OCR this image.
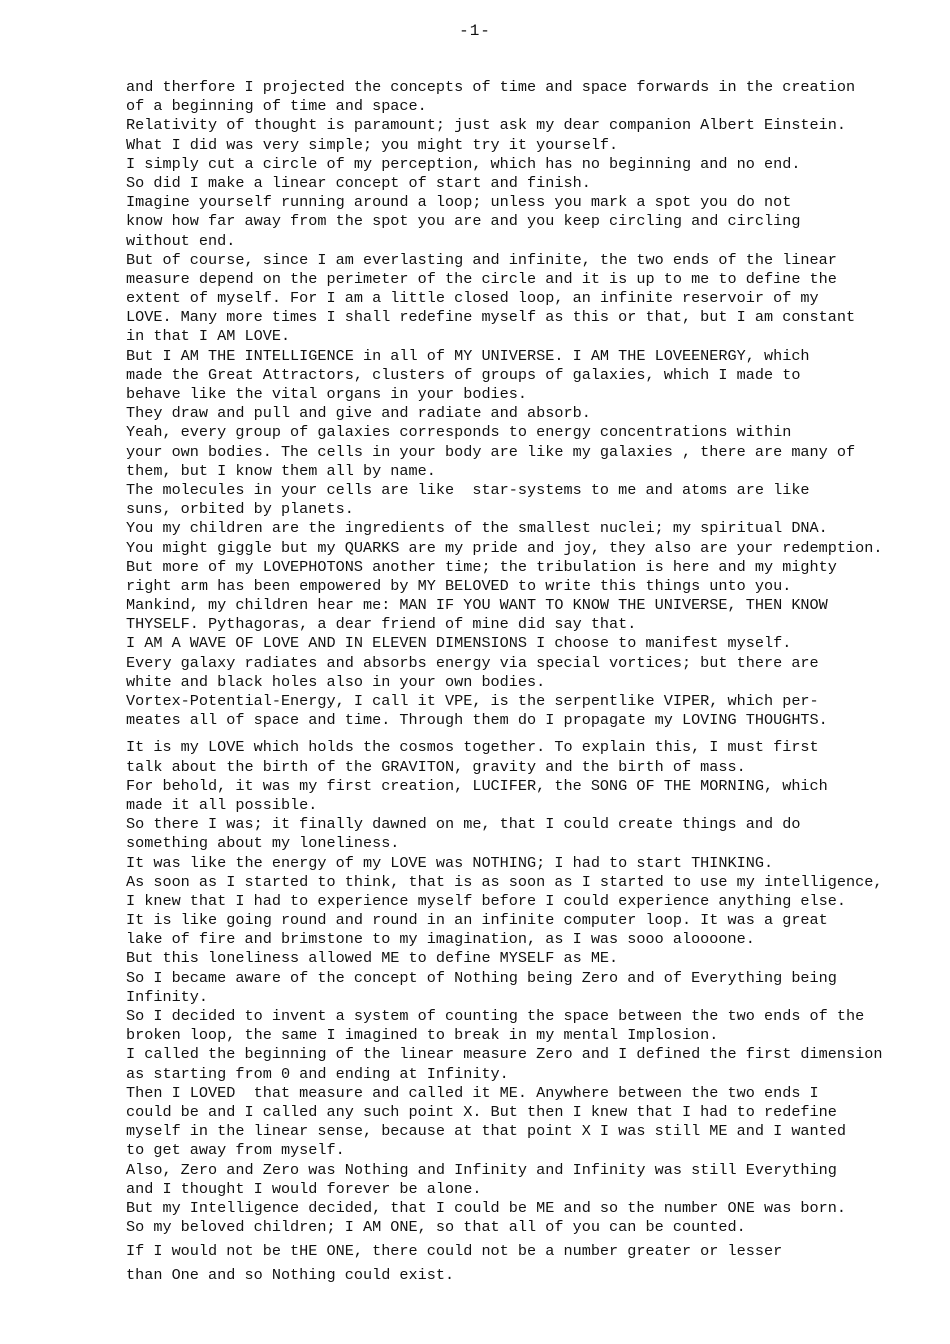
-1-
and therfore I projected the concepts of time and space forwards in the creation
of a beginning of time and space.
Relativity of thought is paramount; just ask my dear companion Albert Einstein.
What I did was very simple; you might try it yourself.
I simply cut a circle of my perception, which has no beginning and no end.
So did I make a linear concept of start and finish.
Imagine yourself running around a loop; unless you mark a spot you do not
know how far away from the spot you are and you keep circling and circling
without end.
But of course, since I am everlasting and infinite, the two ends of the linear
measure depend on the perimeter of the circle and it is up to me to define the
extent of myself. For I am a little closed loop, an infinite reservoir of my
LOVE. Many more times I shall redefine myself as this or that, but I am constant
in that I AM LOVE.
But I AM THE INTELLIGENCE in all of MY UNIVERSE. I AM THE LOVEENERGY, which
made the Great Attractors, clusters of groups of galaxies, which I made to
behave like the vital organs in your bodies.
They draw and pull and give and radiate and absorb.
Yeah, every group of galaxies corresponds to energy concentrations within
your own bodies. The cells in your body are like my galaxies , there are many of
them, but I know them all by name.
The molecules in your cells are like  star-systems to me and atoms are like
suns, orbited by planets.
You my children are the ingredients of the smallest nuclei; my spiritual DNA.
You might giggle but my QUARKS are my pride and joy, they also are your redemption.
But more of my LOVEPHOTONS another time; the tribulation is here and my mighty
right arm has been empowered by MY BELOVED to write this things unto you.
Mankind, my children hear me: MAN IF YOU WANT TO KNOW THE UNIVERSE, THEN KNOW
THYSELF. Pythagoras, a dear friend of mine did say that.
I AM A WAVE OF LOVE AND IN ELEVEN DIMENSIONS I choose to manifest myself.
Every galaxy radiates and absorbs energy via special vortices; but there are
white and black holes also in your own bodies.
Vortex-Potential-Energy, I call it VPE, is the serpentlike VIPER, which per-
meates all of space and time. Through them do I propagate my LOVING THOUGHTS.
It is my LOVE which holds the cosmos together. To explain this, I must first
talk about the birth of the GRAVITON, gravity and the birth of mass.
For behold, it was my first creation, LUCIFER, the SONG OF THE MORNING, which
made it all possible.
So there I was; it finally dawned on me, that I could create things and do
something about my loneliness.
It was like the energy of my LOVE was NOTHING; I had to start THINKING.
As soon as I started to think, that is as soon as I started to use my intelligence,
I knew that I had to experience myself before I could experience anything else.
It is like going round and round in an infinite computer loop. It was a great
lake of fire and brimstone to my imagination, as I was sooo aloooone.
But this loneliness allowed ME to define MYSELF as ME.
So I became aware of the concept of Nothing being Zero and of Everything being
Infinity.
So I decided to invent a system of counting the space between the two ends of the
broken loop, the same I imagined to break in my mental Implosion.
I called the beginning of the linear measure Zero and I defined the first dimension
as starting from 0 and ending at Infinity.
Then I LOVED  that measure and called it ME. Anywhere between the two ends I
could be and I called any such point X. But then I knew that I had to redefine
myself in the linear sense, because at that point X I was still ME and I wanted
to get away from myself.
Also, Zero and Zero was Nothing and Infinity and Infinity was still Everything
and I thought I would forever be alone.
But my Intelligence decided, that I could be ME and so the number ONE was born.
So my beloved children; I AM ONE, so that all of you can be counted.
If I would not be tHE ONE, there could not be a number greater or lesser
than One and so Nothing could exist.
